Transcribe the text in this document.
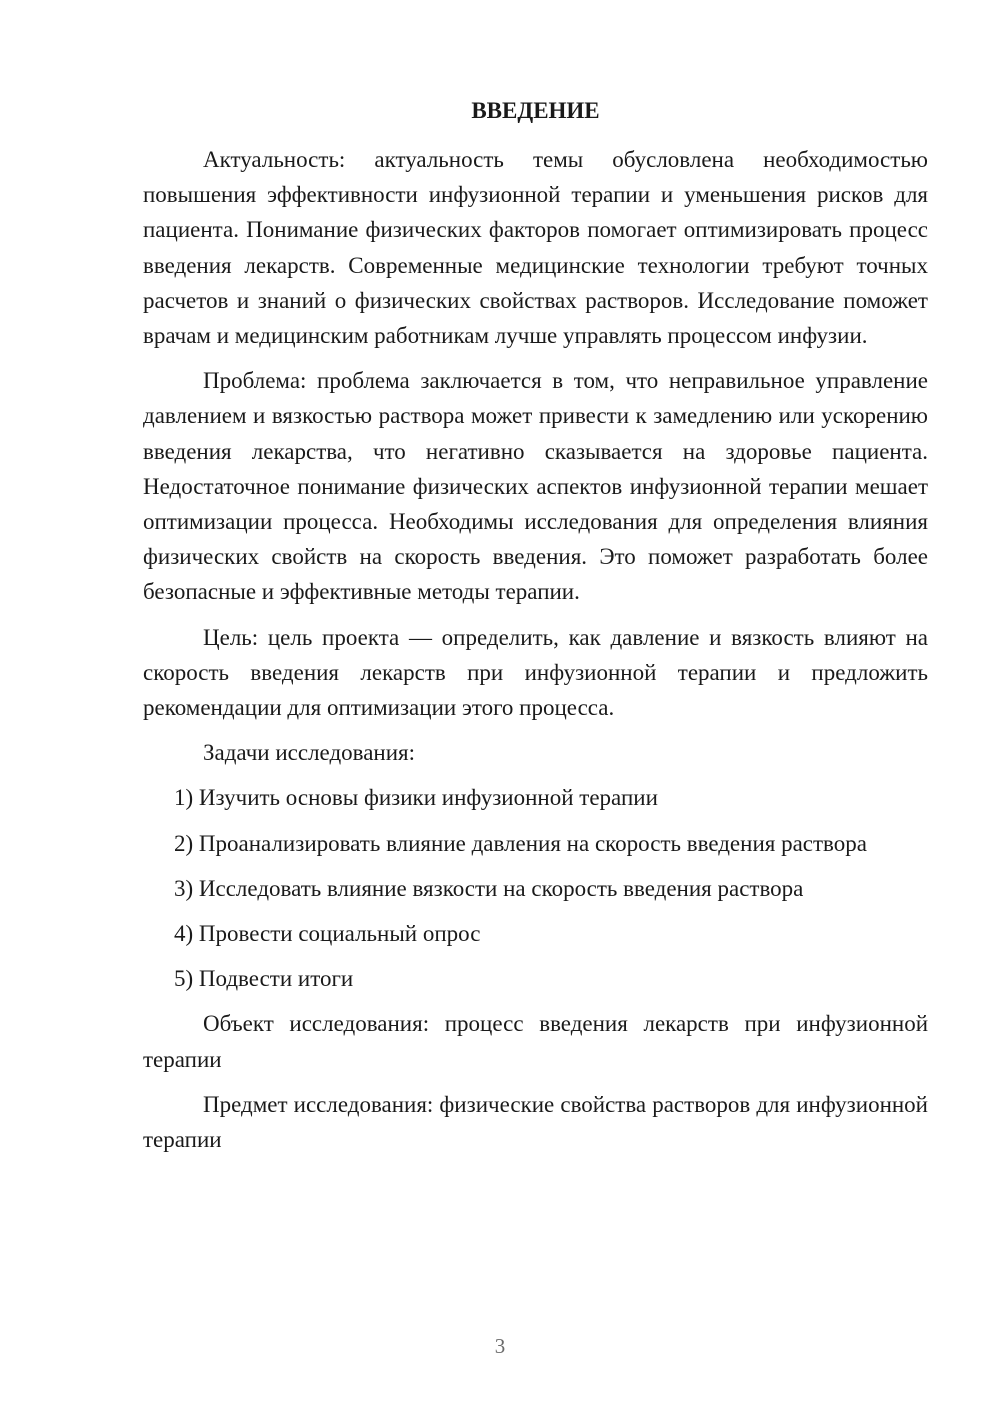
ВВЕДЕНИЕ

Актуальность: актуальность темы обусловлена необходимостью повышения эффективности инфузионной терапии и уменьшения рисков для пациента. Понимание физических факторов помогает оптимизировать процесс введения лекарств. Современные медицинские технологии требуют точных расчетов и знаний о физических свойствах растворов. Исследование поможет врачам и медицинским работникам лучше управлять процессом инфузии.

Проблема: проблема заключается в том, что неправильное управление давлением и вязкостью раствора может привести к замедлению или ускорению введения лекарства, что негативно сказывается на здоровье пациента. Недостаточное понимание физических аспектов инфузионной терапии мешает оптимизации процесса. Необходимы исследования для определения влияния физических свойств на скорость введения. Это поможет разработать более безопасные и эффективные методы терапии.

Цель: цель проекта — определить, как давление и вязкость влияют на скорость введения лекарств при инфузионной терапии и предложить рекомендации для оптимизации этого процесса.

Задачи исследования:

1) Изучить основы физики инфузионной терапии

2) Проанализировать влияние давления на скорость введения раствора

3) Исследовать влияние вязкости на скорость введения раствора

4) Провести социальный опрос

5) Подвести итоги

Объект исследования: процесс введения лекарств при инфузионной терапии

Предмет исследования: физические свойства растворов для инфузионной терапии

3
